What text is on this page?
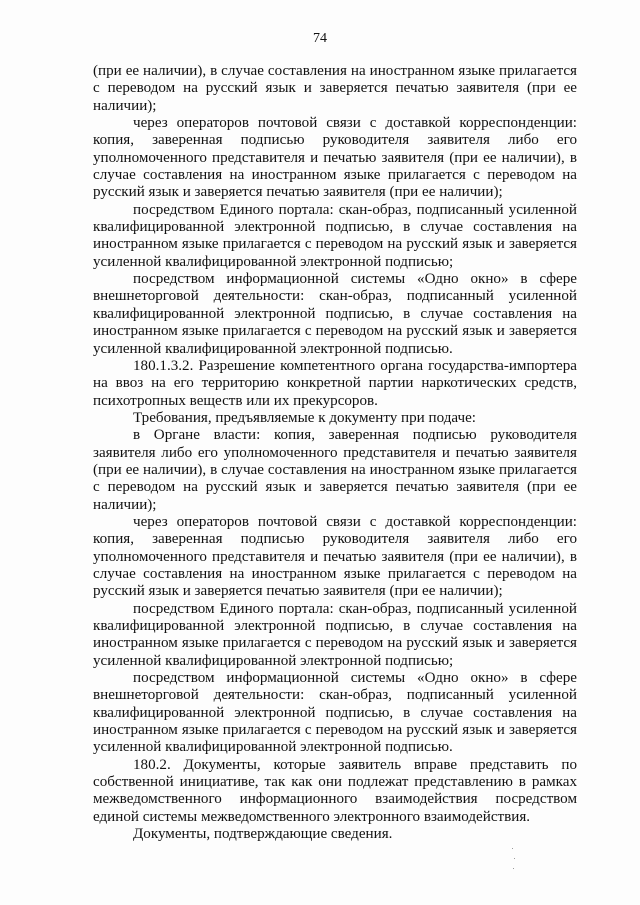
74

(при ее наличии), в случае составления на иностранном языке прилагается с переводом на русский язык и заверяется печатью заявителя (при ее наличии);

через операторов почтовой связи с доставкой корреспонденции: копия, заверенная подписью руководителя заявителя либо его уполномоченного представителя и печатью заявителя (при ее наличии), в случае составления на иностранном языке прилагается с переводом на русский язык и заверяется печатью заявителя (при ее наличии);

посредством Единого портала: скан-образ, подписанный усиленной квалифицированной электронной подписью, в случае составления на иностранном языке прилагается с переводом на русский язык и заверяется усиленной квалифицированной электронной подписью;

посредством информационной системы «Одно окно» в сфере внешнеторговой деятельности: скан-образ, подписанный усиленной квалифицированной электронной подписью, в случае составления на иностранном языке прилагается с переводом на русский язык и заверяется усиленной квалифицированной электронной подписью.

180.1.3.2. Разрешение компетентного органа государства-импортера на ввоз на его территорию конкретной партии наркотических средств, психотропных веществ или их прекурсоров.

Требования, предъявляемые к документу при подаче:

в Органе власти: копия, заверенная подписью руководителя заявителя либо его уполномоченного представителя и печатью заявителя (при ее наличии), в случае составления на иностранном языке прилагается с переводом на русский язык и заверяется печатью заявителя (при ее наличии);

через операторов почтовой связи с доставкой корреспонденции: копия, заверенная подписью руководителя заявителя либо его уполномоченного представителя и печатью заявителя (при ее наличии), в случае составления на иностранном языке прилагается с переводом на русский язык и заверяется печатью заявителя (при ее наличии);

посредством Единого портала: скан-образ, подписанный усиленной квалифицированной электронной подписью, в случае составления на иностранном языке прилагается с переводом на русский язык и заверяется усиленной квалифицированной электронной подписью;

посредством информационной системы «Одно окно» в сфере внешнеторговой деятельности: скан-образ, подписанный усиленной квалифицированной электронной подписью, в случае составления на иностранном языке прилагается с переводом на русский язык и заверяется усиленной квалифицированной электронной подписью.

180.2. Документы, которые заявитель вправе представить по собственной инициативе, так как они подлежат представлению в рамках межведомственного информационного взаимодействия посредством единой системы межведомственного электронного взаимодействия.

Документы, подтверждающие сведения.
